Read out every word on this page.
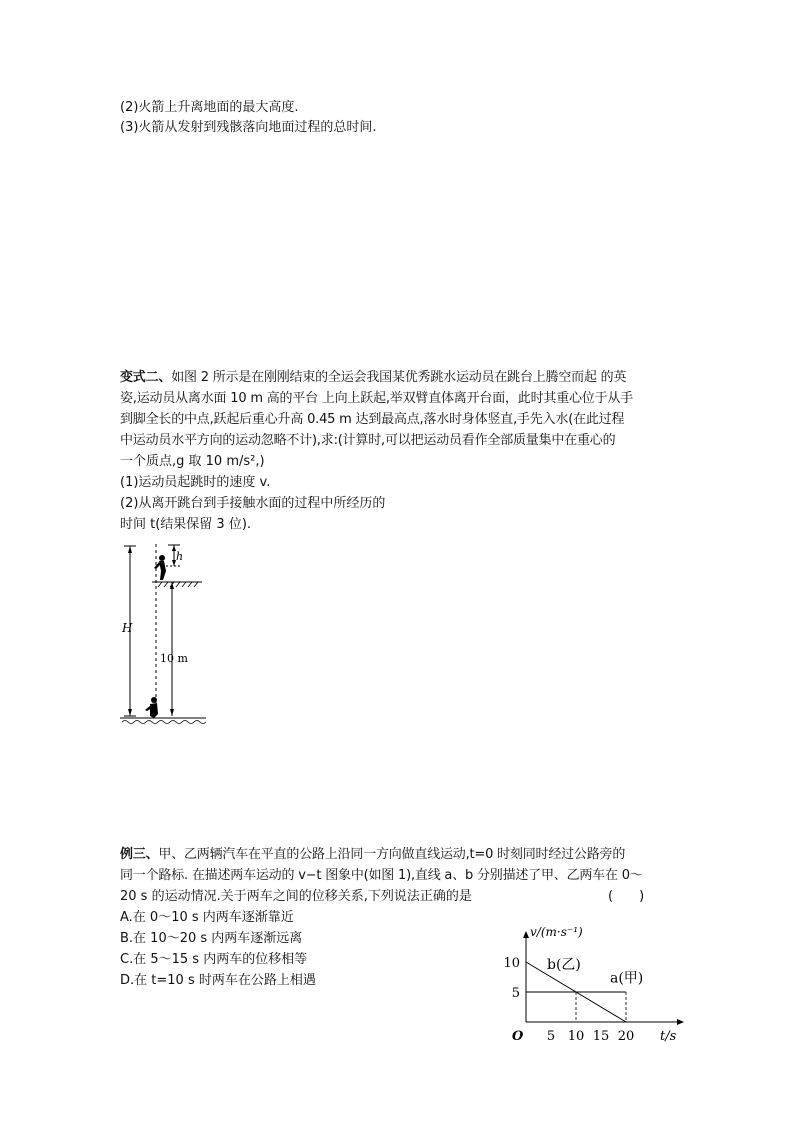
(2)火箭上升离地面的最大高度.
(3)火箭从发射到残骸落向地面过程的总时间.
变式二、如图 2 所示是在刚刚结束的全运会我国某优秀跳水运动员在跳台上腾空而起 的英
姿,运动员从离水面 10 m 高的平台 上向上跃起,举双臂直体离开台面，此时其重心位于从手
到脚全长的中点,跃起后重心升高 0.45 m 达到最高点,落水时身体竖直,手先入水(在此过程
中运动员水平方向的运动忽略不计),求:(计算时,可以把运动员看作全部质量集中在重心的
一个质点,g 取 10 m/s²,)
(1)运动员起跳时的速度 v.
(2)从离开跳台到手接触水面的过程中所经历的
时间 t(结果保留 3 位).
H
h
10 m
例三、甲、乙两辆汽车在平直的公路上沿同一方向做直线运动,t=0 时刻同时经过公路旁的
同一个路标. 在描述两车运动的 v−t 图象中(如图 1),直线 a、b 分别描述了甲、乙两车在 0～
20 s 的运动情况.关于两车之间的位移关系,下列说法正确的是	(　　)
A.在 0～10 s 内两车逐渐靠近
B.在 10～20 s 内两车逐渐远离
C.在 5～15 s 内两车的位移相等
D.在 t=10 s 时两车在公路上相遇
v/(m·s⁻¹)
t/s
O 5 10 15 20
10
5
b(乙)
a(甲)
